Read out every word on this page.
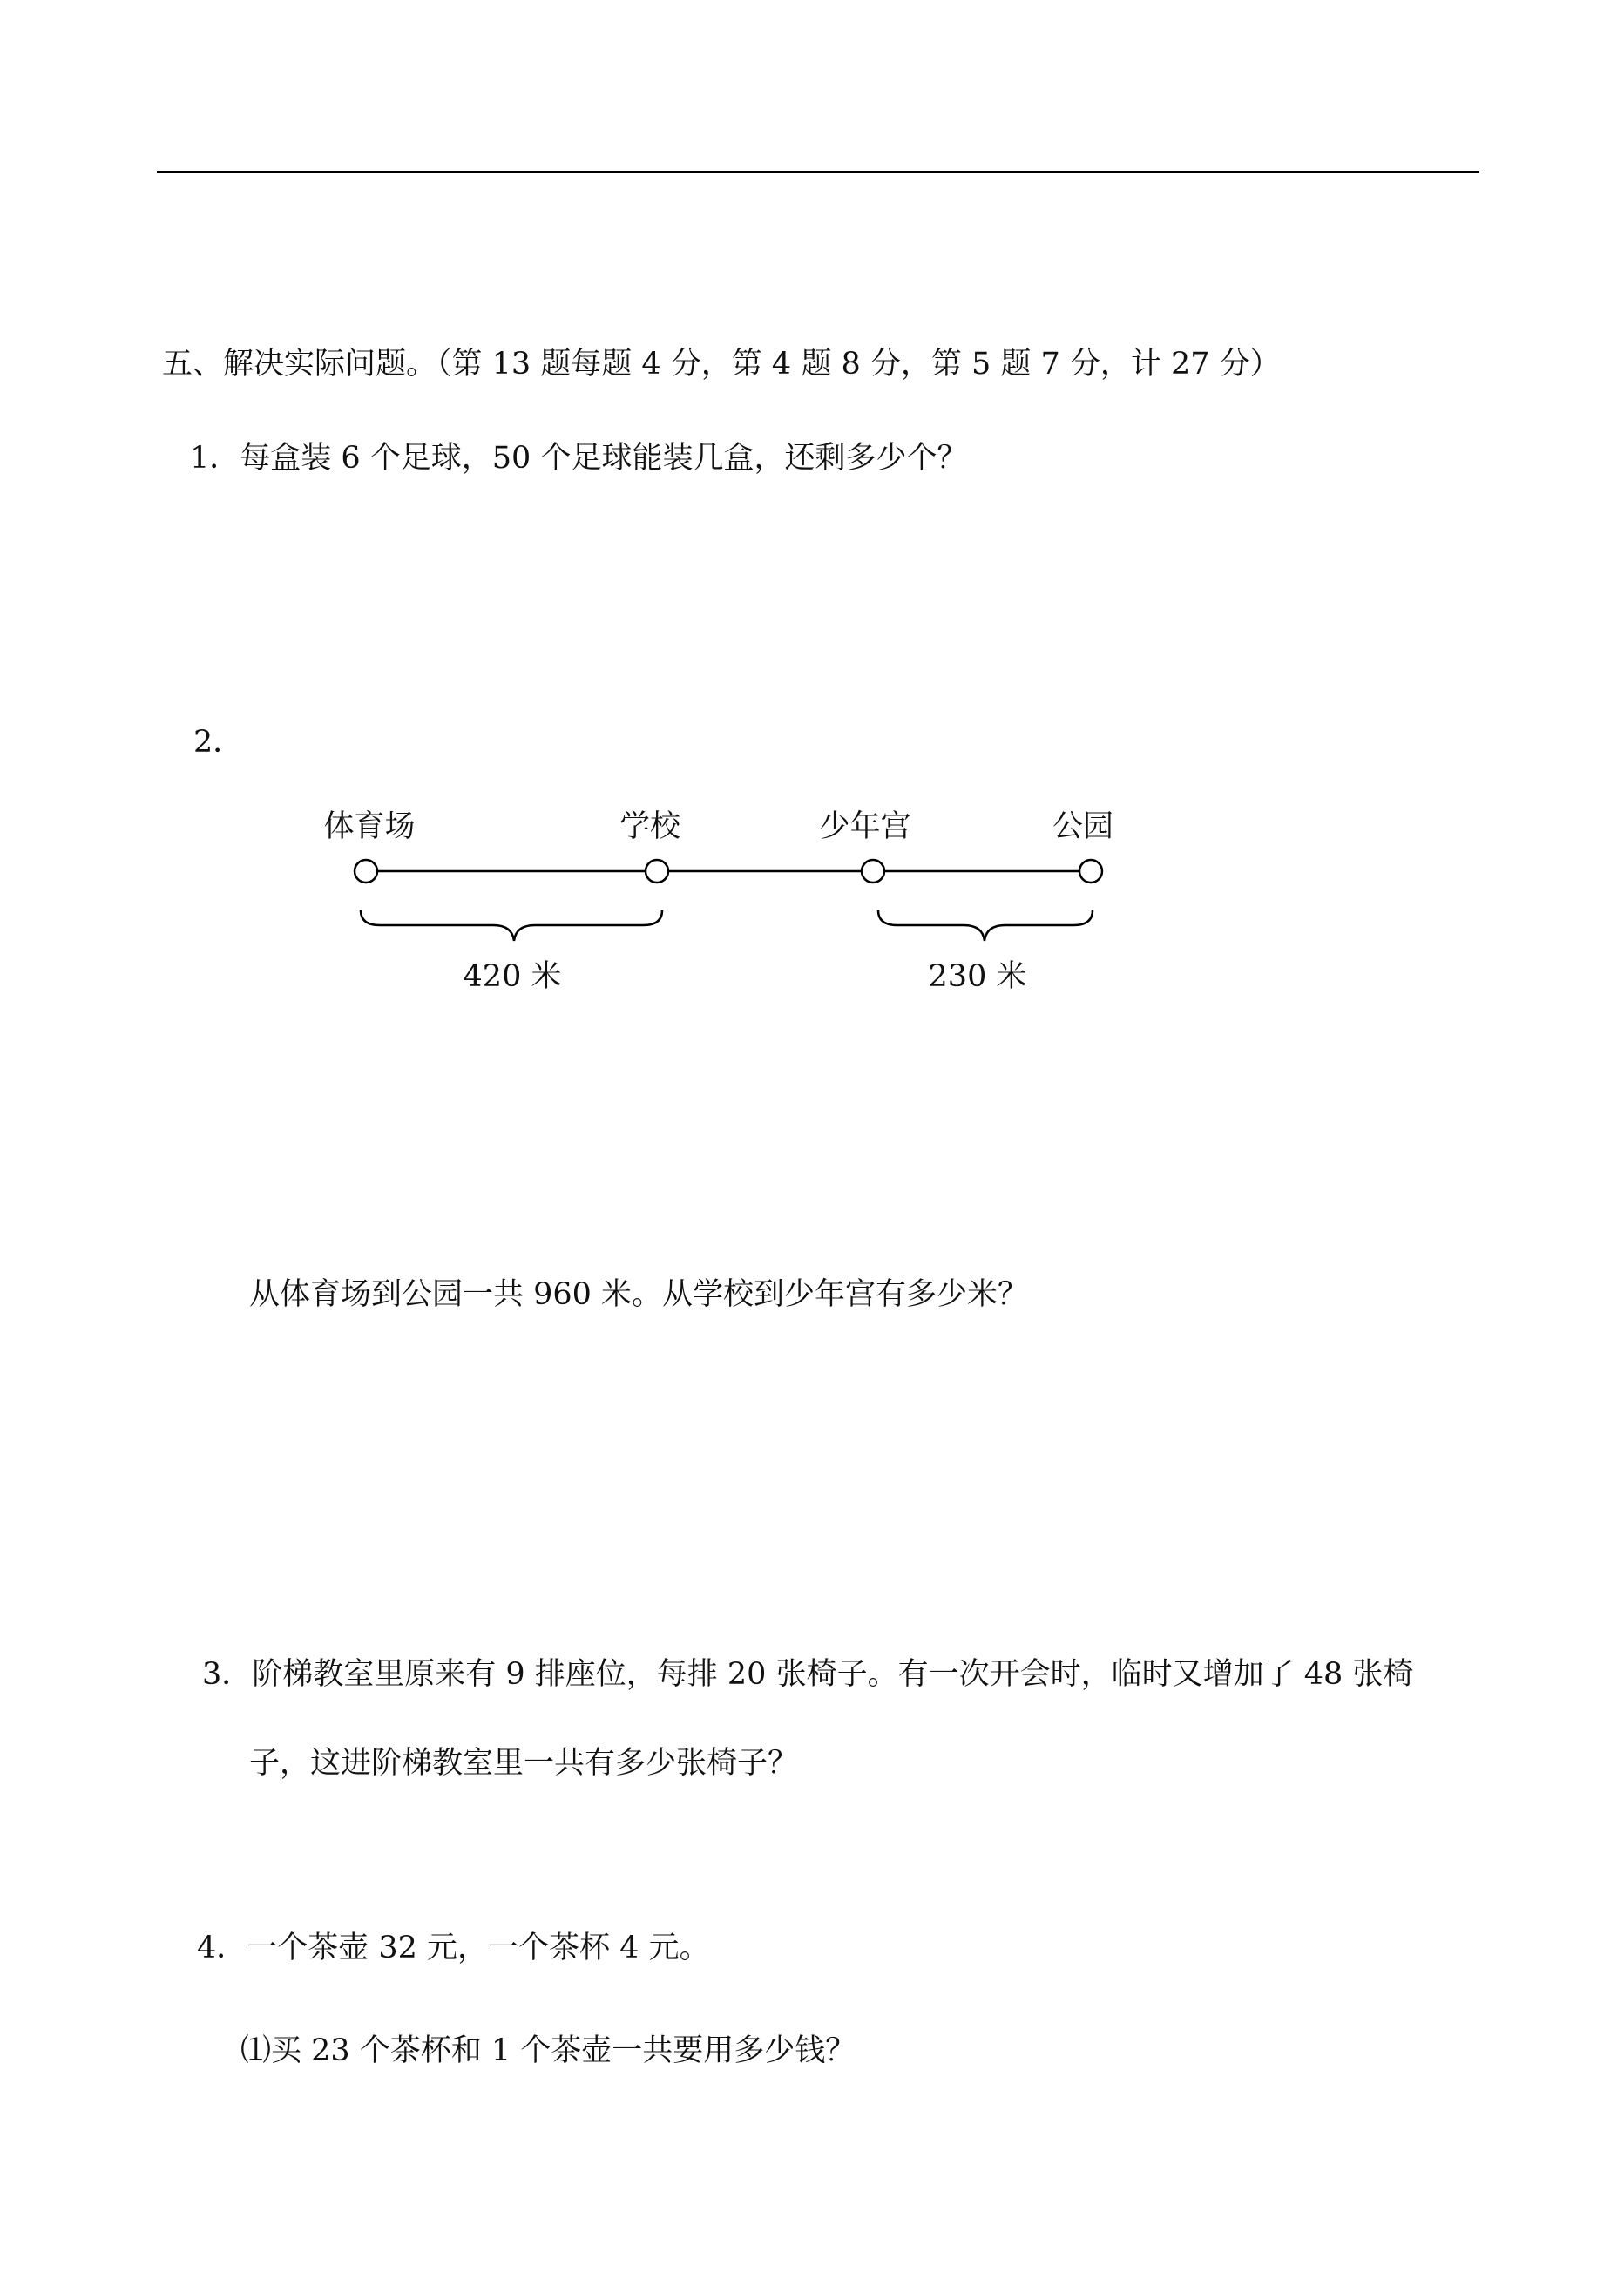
五、解决实际问题。（第 13 题每题 4 分，第 4 题 8 分，第 5 题 7 分，计 27 分）
1．每盒装 6 个足球，50 个足球能装几盒，还剩多少个？
2．
体育场	学校	少年宫	公园
420 米	230 米
从体育场到公园一共 960 米。从学校到少年宫有多少米？
3．阶梯教室里原来有 9 排座位，每排 20 张椅子。有一次开会时，临时又增加了 48 张椅
子，这进阶梯教室里一共有多少张椅子？
4．一个茶壶 32 元，一个茶杯 4 元。
⑴买 23 个茶杯和 1 个茶壶一共要用多少钱？
